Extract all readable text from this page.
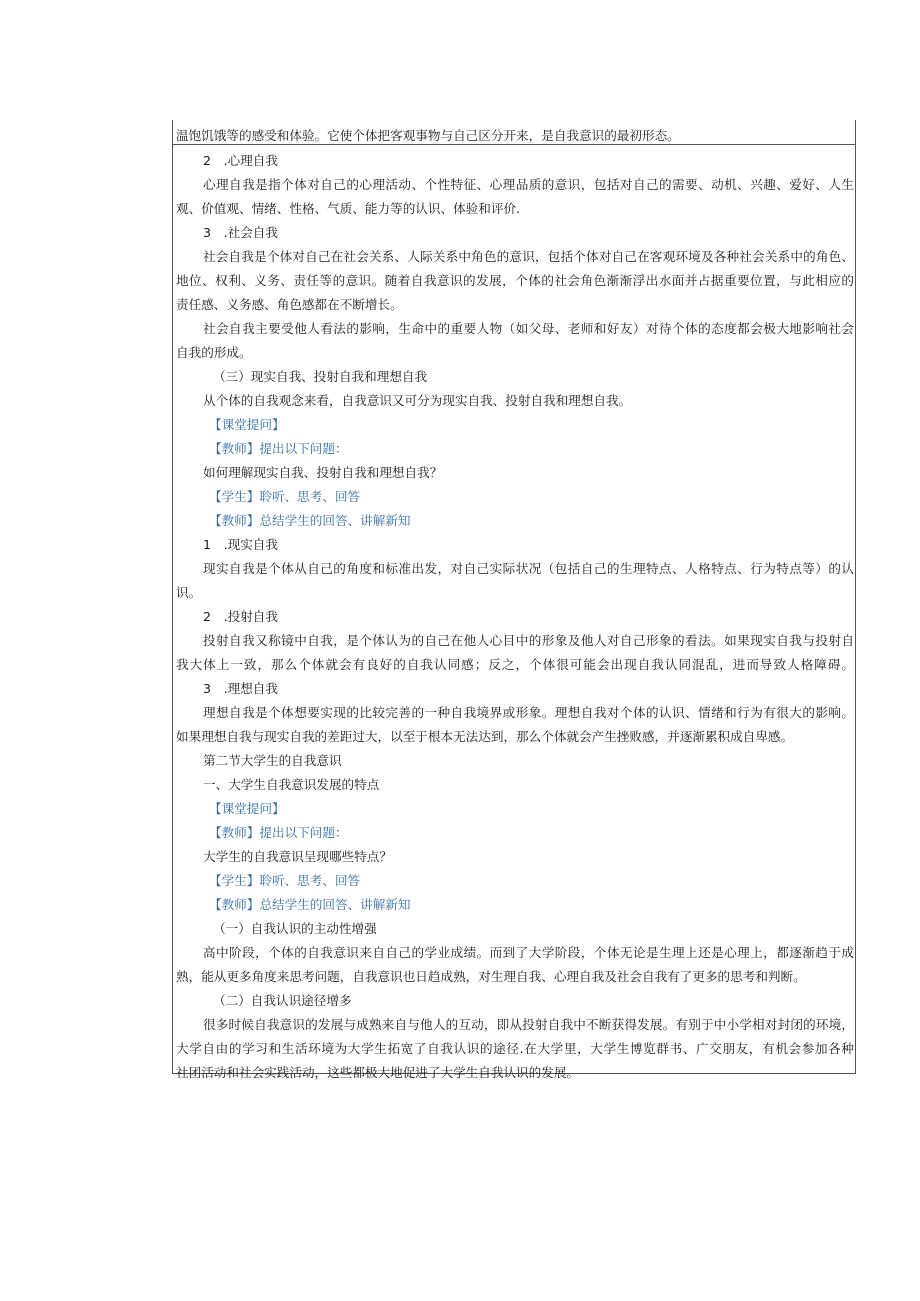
温饱饥饿等的感受和体验。它使个体把客观事物与自己区分开来，是自我意识的最初形态。
2　.心理自我
心理自我是指个体对自己的心理活动、个性特征、心理品质的意识，包括对自己的需要、动机、兴趣、爱好、人生
观、价值观、情绪、性格、气质、能力等的认识、体验和评价.
3　.社会自我
社会自我是个体对自己在社会关系、人际关系中角色的意识，包括个体对自己在客观环境及各种社会关系中的角色、
地位、权利、义务、责任等的意识。随着自我意识的发展，个体的社会角色渐渐浮出水面并占据重要位置，与此相应的
责任感、义务感、角色感都在不断增长。
社会自我主要受他人看法的影响，生命中的重要人物（如父母、老师和好友）对待个体的态度都会极大地影响社会
自我的形成。
（三）现实自我、投射自我和理想自我
从个体的自我观念来看，自我意识又可分为现实自我、投射自我和理想自我。
【课堂提问】
【教师】提出以下问题：
如何理解现实自我、投射自我和理想自我？
【学生】聆听、思考、回答
【教师】总结学生的回答、讲解新知
1　.现实自我
现实自我是个体从自己的角度和标准出发，对自己实际状况（包括自己的生理特点、人格特点、行为特点等）的认
识。
2　.投射自我
投射自我又称镜中自我，是个体认为的自己在他人心目中的形象及他人对自己形象的看法。如果现实自我与投射自
我大体上一致，那么个体就会有良好的自我认同感；反之，个体很可能会出现自我认同混乱，进而导致人格障碍。
3　.理想自我
理想自我是个体想要实现的比较完善的一种自我境界或形象。理想自我对个体的认识、情绪和行为有很大的影响。
如果理想自我与现实自我的差距过大，以至于根本无法达到，那么个体就会产生挫败感，并逐渐累积成自卑感。
第二节大学生的自我意识
一、大学生自我意识发展的特点
【课堂提问】
【教师】提出以下问题：
大学生的自我意识呈现哪些特点？
【学生】聆听、思考、回答
【教师】总结学生的回答、讲解新知
（一）自我认识的主动性增强
高中阶段，个体的自我意识来自自己的学业成绩。而到了大学阶段，个体无论是生理上还是心理上，都逐渐趋于成
熟，能从更多角度来思考问题，自我意识也日趋成熟，对生理自我、心理自我及社会自我有了更多的思考和判断。
（二）自我认识途径增多
很多时候自我意识的发展与成熟来自与他人的互动，即从投射自我中不断获得发展。有别于中小学相对封闭的环境，
大学自由的学习和生活环境为大学生拓宽了自我认识的途径.在大学里，大学生博览群书、广交朋友，有机会参加各种
社团活动和社会实践活动，这些都极大地促进了大学生自我认识的发展。
